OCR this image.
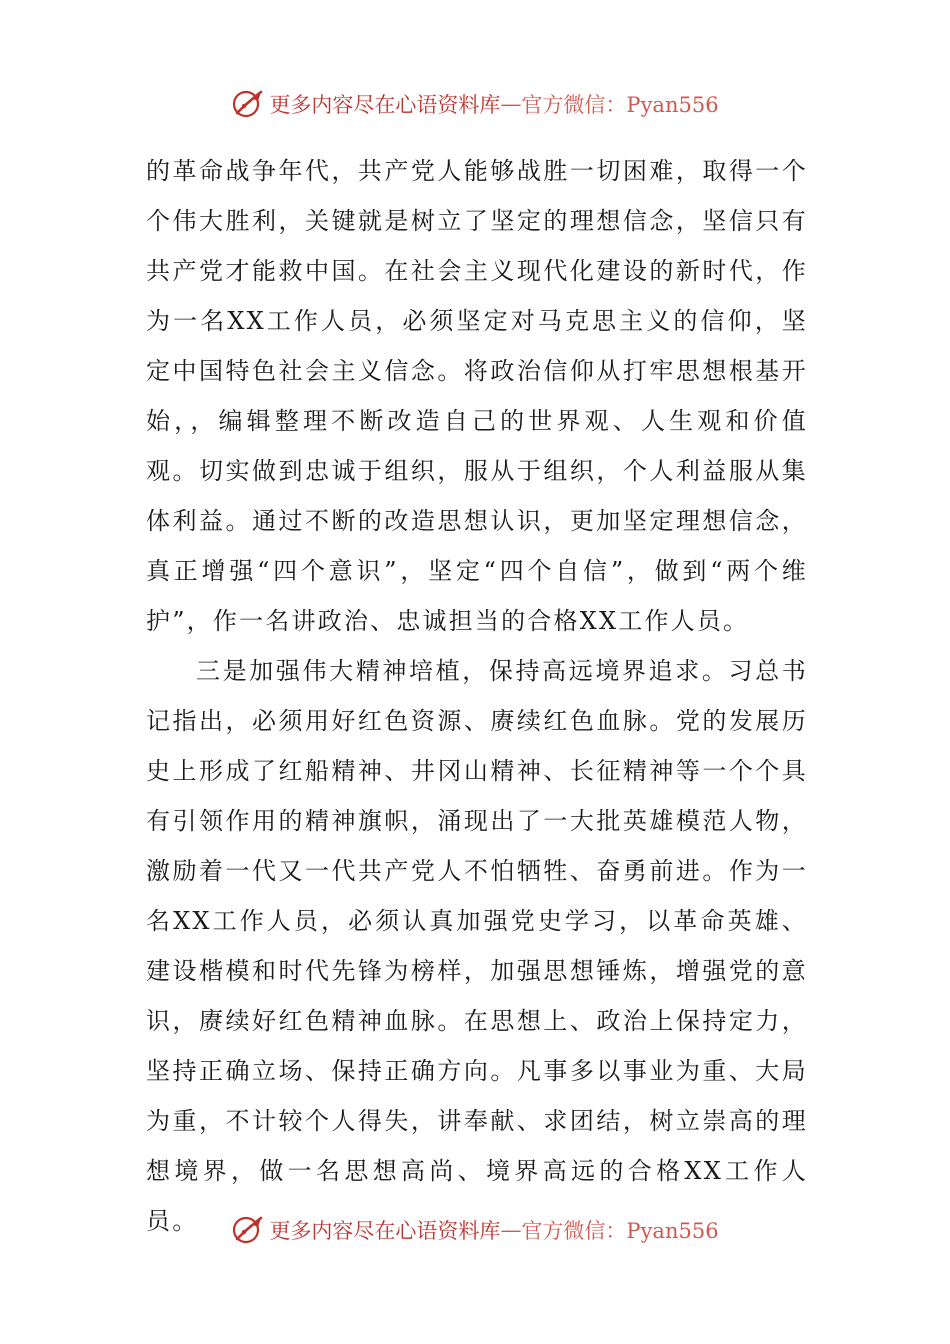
更多内容尽在心语资料库 — 官方微信：Pyan556

的革命战争年代，共产党人能够战胜一切困难，取得一个个伟大胜利，关键就是树立了坚定的理想信念，坚信只有共产党才能救中国。在社会主义现代化建设的新时代，作为一名XX工作人员，必须坚定对马克思主义的信仰，坚定中国特色社会主义信念。将政治信仰从打牢思想根基开始，，编辑整理不断改造自己的世界观、人生观和价值观。切实做到忠诚于组织，服从于组织，个人利益服从集体利益。通过不断的改造思想认识，更加坚定理想信念，真正增强“四个意识”，坚定“四个自信”，做到“两个维护”，作一名讲政治、忠诚担当的合格XX工作人员。

三是加强伟大精神培植，保持高远境界追求。习总书记指出，必须用好红色资源、赓续红色血脉。党的发展历史上形成了红船精神、井冈山精神、长征精神等一个个具有引领作用的精神旗帜，涌现出了一大批英雄模范人物，激励着一代又一代共产党人不怕牺牲、奋勇前进。作为一名XX工作人员，必须认真加强党史学习，以革命英雄、建设楷模和时代先锋为榜样，加强思想锤炼，增强党的意识，赓续好红色精神血脉。在思想上、政治上保持定力，坚持正确立场、保持正确方向。凡事多以事业为重、大局为重，不计较个人得失，讲奉献、求团结，树立崇高的理想境界，做一名思想高尚、境界高远的合格XX工作人员。	更多内容尽在心语资料库 — 官方微信：Pyan556
